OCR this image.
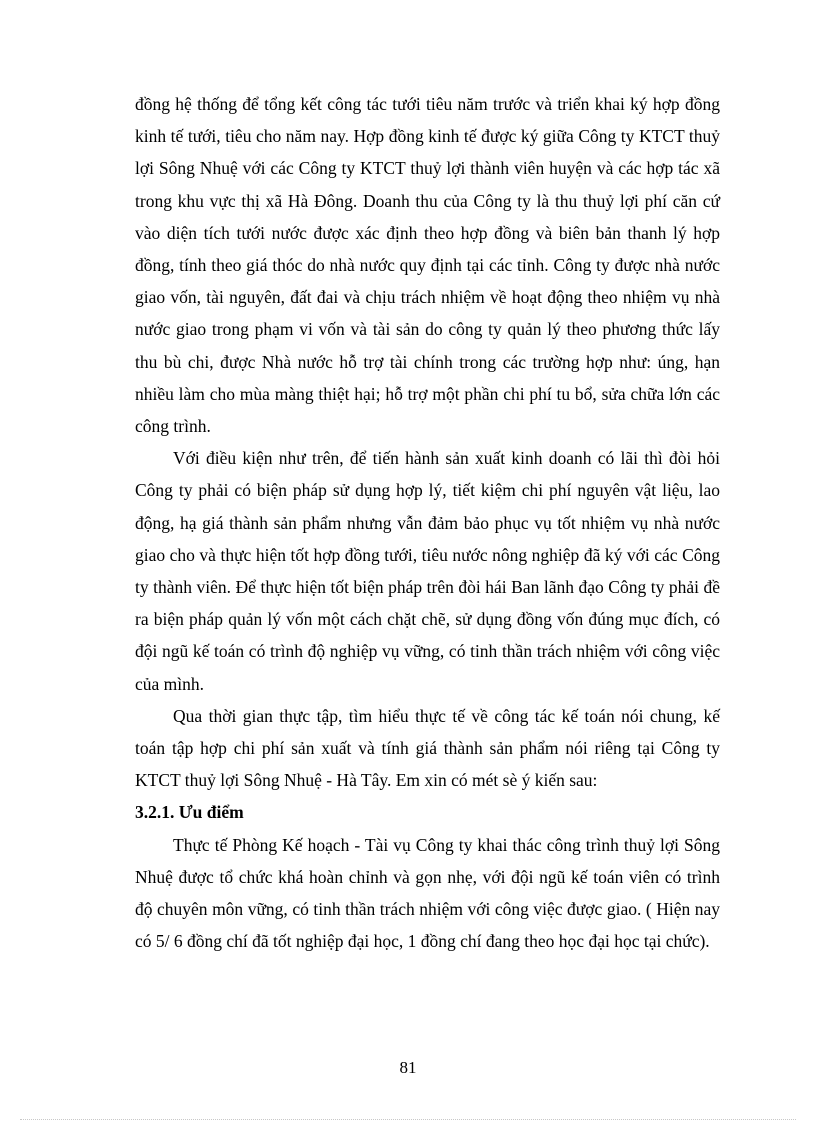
đồng hệ thống để tổng kết công tác tưới tiêu năm trước và triển khai ký hợp đồng kinh tế tưới, tiêu cho năm nay. Hợp đồng kinh tế được ký giữa Công ty KTCT thuỷ lợi Sông Nhuệ với các Công ty KTCT thuỷ lợi thành viên huyện và các hợp tác xã trong khu vực thị xã Hà Đông. Doanh thu của Công ty là thu thuỷ lợi phí căn cứ vào diện tích tưới nước được xác định theo hợp đồng và biên bản thanh lý hợp đồng, tính theo giá thóc do nhà nước quy định tại các tỉnh. Công ty được nhà nước giao vốn, tài nguyên, đất đai và chịu trách nhiệm về hoạt động theo nhiệm vụ nhà nước giao trong phạm vi vốn và tài sản do công ty quản lý theo phương thức lấy thu bù chi, được Nhà nước hỗ trợ tài chính trong các trường hợp như: úng, hạn nhiều làm cho mùa màng thiệt hại; hỗ trợ một phần chi phí tu bổ, sửa chữa lớn các công trình.

Với điều kiện như trên, để tiến hành sản xuất kinh doanh có lãi thì đòi hỏi Công ty phải có biện pháp sử dụng hợp lý, tiết kiệm chi phí nguyên vật liệu, lao động, hạ giá thành sản phẩm nhưng vẫn đảm bảo phục vụ tốt nhiệm vụ nhà nước giao cho và thực hiện tốt hợp đồng tưới, tiêu nước nông nghiệp đã ký với các Công ty thành viên. Để thực hiện tốt biện pháp trên đòi hái Ban lãnh đạo Công ty phải đề ra biện pháp quản lý vốn một cách chặt chẽ, sử dụng đồng vốn đúng mục đích, có đội ngũ kế toán có trình độ nghiệp vụ vững, có tinh thần trách nhiệm với công việc của mình.

Qua thời gian thực tập, tìm hiểu thực tế về công tác kế toán nói chung, kế toán tập hợp chi phí sản xuất và tính giá thành sản phẩm nói riêng tại Công ty KTCT thuỷ lợi Sông Nhuệ - Hà Tây. Em xin có mét sè ý kiến sau:

3.2.1. Ưu điểm

Thực tế Phòng Kế hoạch - Tài vụ Công ty khai thác công trình thuỷ lợi Sông Nhuệ được tổ chức khá hoàn chỉnh và gọn nhẹ, với đội ngũ kế toán viên có trình độ chuyên môn vững, có tinh thần trách nhiệm với công việc được giao. ( Hiện nay có 5/ 6 đồng chí đã tốt nghiệp đại học, 1 đồng chí đang theo học đại học tại chức).

81
